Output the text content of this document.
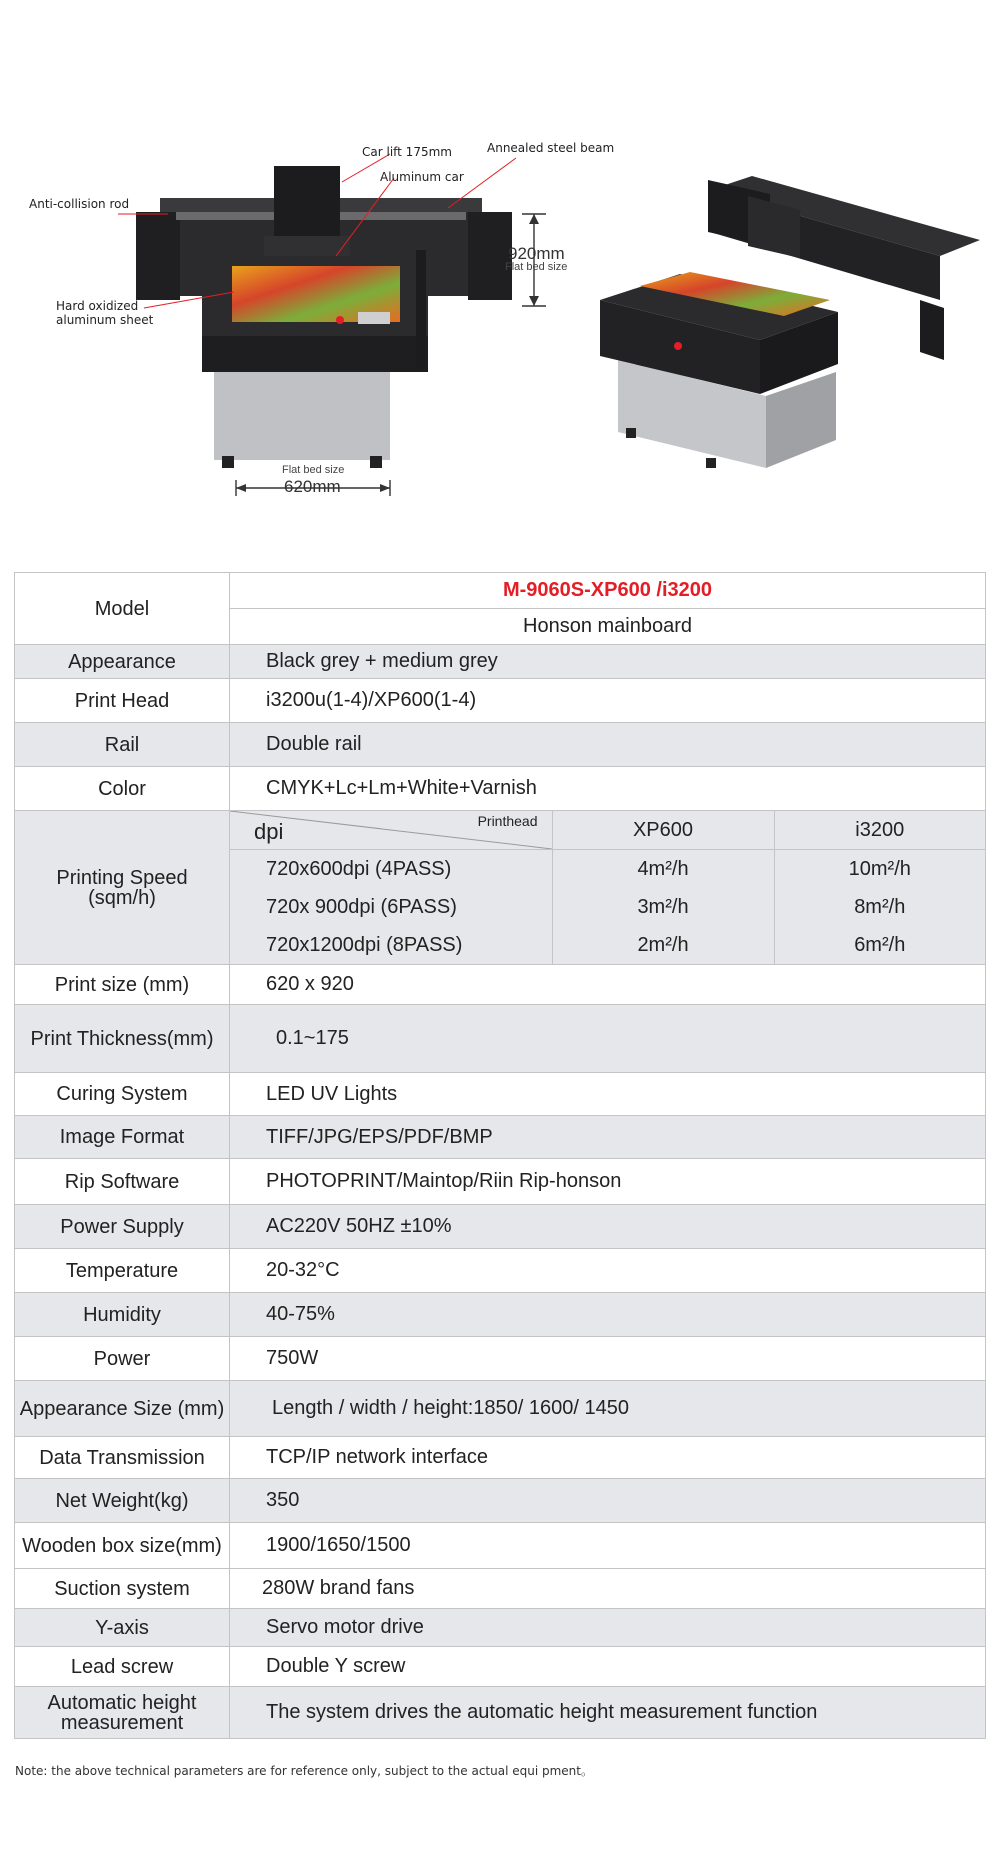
Car lift 175mm	Annealed steel beam
Aluminum car
Anti-collision rod
Hard oxidized
aluminum sheet
920mm
Flat bed size
Flat bed size
620mm
Model	M-9060S-XP600 /i3200
Honson mainboard
Appearance	Black grey + medium grey
Print Head	i3200u(1-4)/XP600(1-4)
Rail	Double rail
Color	CMYK+Lc+Lm+White+Varnish

Printing Speed
(sqm/h)

dpi	Printhead	XP600	i3200
720x600dpi (4PASS)	4m²/h	10m²/h
720x 900dpi (6PASS)	3m²/h	8m²/h
720x1200dpi (8PASS)	2m²/h	6m²/h

Print size (mm)	620 x 920
Print Thickness(mm)	0.1~175
Curing System	LED UV Lights
Image Format	TIFF/JPG/EPS/PDF/BMP
Rip Software	PHOTOPRINT/Maintop/Riin Rip-honson
Power Supply	AC220V 50HZ ±10%
Temperature	20-32°C
Humidity	40-75%
Power	750W
Appearance Size (mm)	Length / width / height:1850/ 1600/ 1450
Data Transmission	TCP/IP network interface
Net Weight(kg)	350
Wooden box size(mm)	1900/1650/1500
Suction system	280W brand fans
Y-axis	Servo motor drive
Lead screw	Double Y screw
Automatic height measurement	The system drives the automatic height measurement function
Note: the above technical parameters are for reference only, subject to the actual equi pment。
